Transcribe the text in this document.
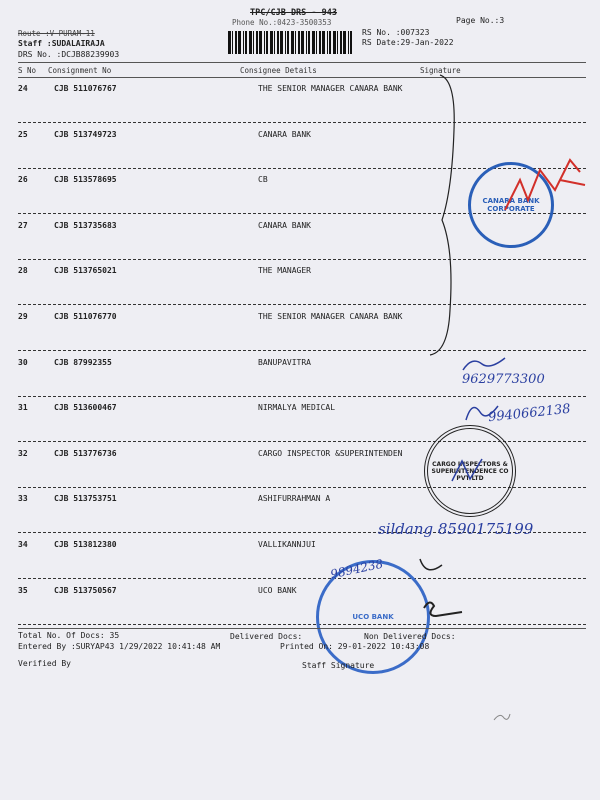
TPC/CJB DRS - 943
Phone No.:0423-3500353	Page No.:3
Route :V PURAM-11
Staff :SUDALAIRAJA
DRS No. :DCJB88239903
RS No. :007323
RS Date:29-Jan-2022
S No Consignment No	Consignee Details	Signature
24	CJB 511076767	THE SENIOR MANAGER CANARA BANK
25	CJB 513749723	CANARA BANK
26	CJB 513578695	CB
27	CJB 513735683	CANARA BANK
28	CJB 513765021	THE MANAGER
29	CJB 511076770	THE SENIOR MANAGER CANARA BANK
30	CJB 87992355	BANUPAVITRA
31	CJB 513600467	NIRMALYA MEDICAL
32	CJB 513776736	CARGO INSPECTOR &SUPERINTENDEN
33	CJB 513753751	ASHIFURRAHMAN A
34	CJB 513812380	VALLIKANNJUI
35	CJB 513750567	UCO BANK
CANARA BANK CORPORATE
CARGO INSPECTORS & SUPERINTENDENCE CO PVT LTD
UCO BANK
9629773300
9940662138
sildang 8590175199
9894238
Total No. Of Docs: 35	Delivered Docs:	Non Delivered Docs:
Entered By :SURYAP43 1/29/2022 10:41:48 AM	Printed On: 29-01-2022 10:43:08
Verified By	Staff Signature
